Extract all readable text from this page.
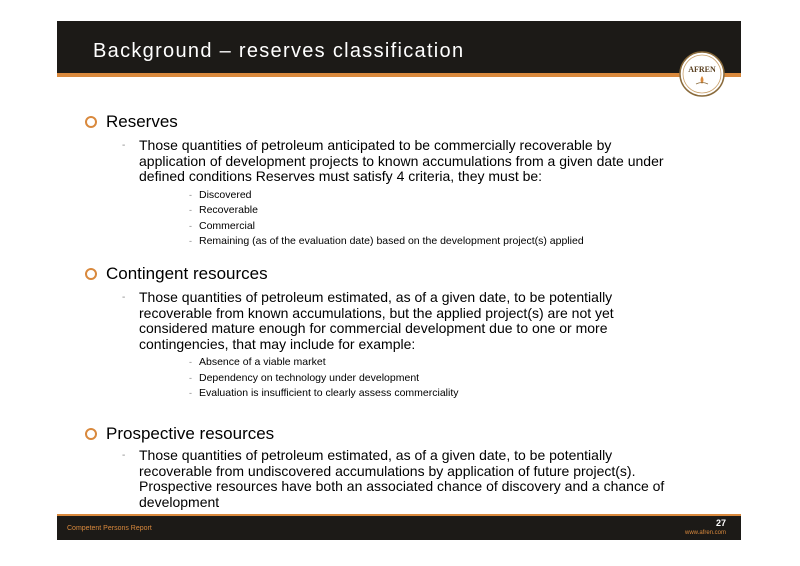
Background – reserves classification
AFREN
Reserves
- Those quantities of petroleum anticipated to be commercially recoverable by
application of development projects to known accumulations from a given date under
defined conditions Reserves must satisfy 4 criteria, they must be:
- Discovered
- Recoverable
- Commercial
- Remaining (as of the evaluation date) based on the development project(s) applied
Contingent resources
- Those quantities of petroleum estimated, as of a given date, to be potentially
recoverable from known accumulations, but the applied project(s) are not yet
considered mature enough for commercial development due to one or more
contingencies, that may include for example:
- Absence of a viable market
- Dependency on technology under development
- Evaluation is insufficient to clearly assess commerciality
Prospective resources
- Those quantities of petroleum estimated, as of a given date, to be potentially
recoverable from undiscovered accumulations by application of future project(s).
Prospective resources have both an associated chance of discovery and a chance of
development
Competent Persons Report
27
www.afren.com
